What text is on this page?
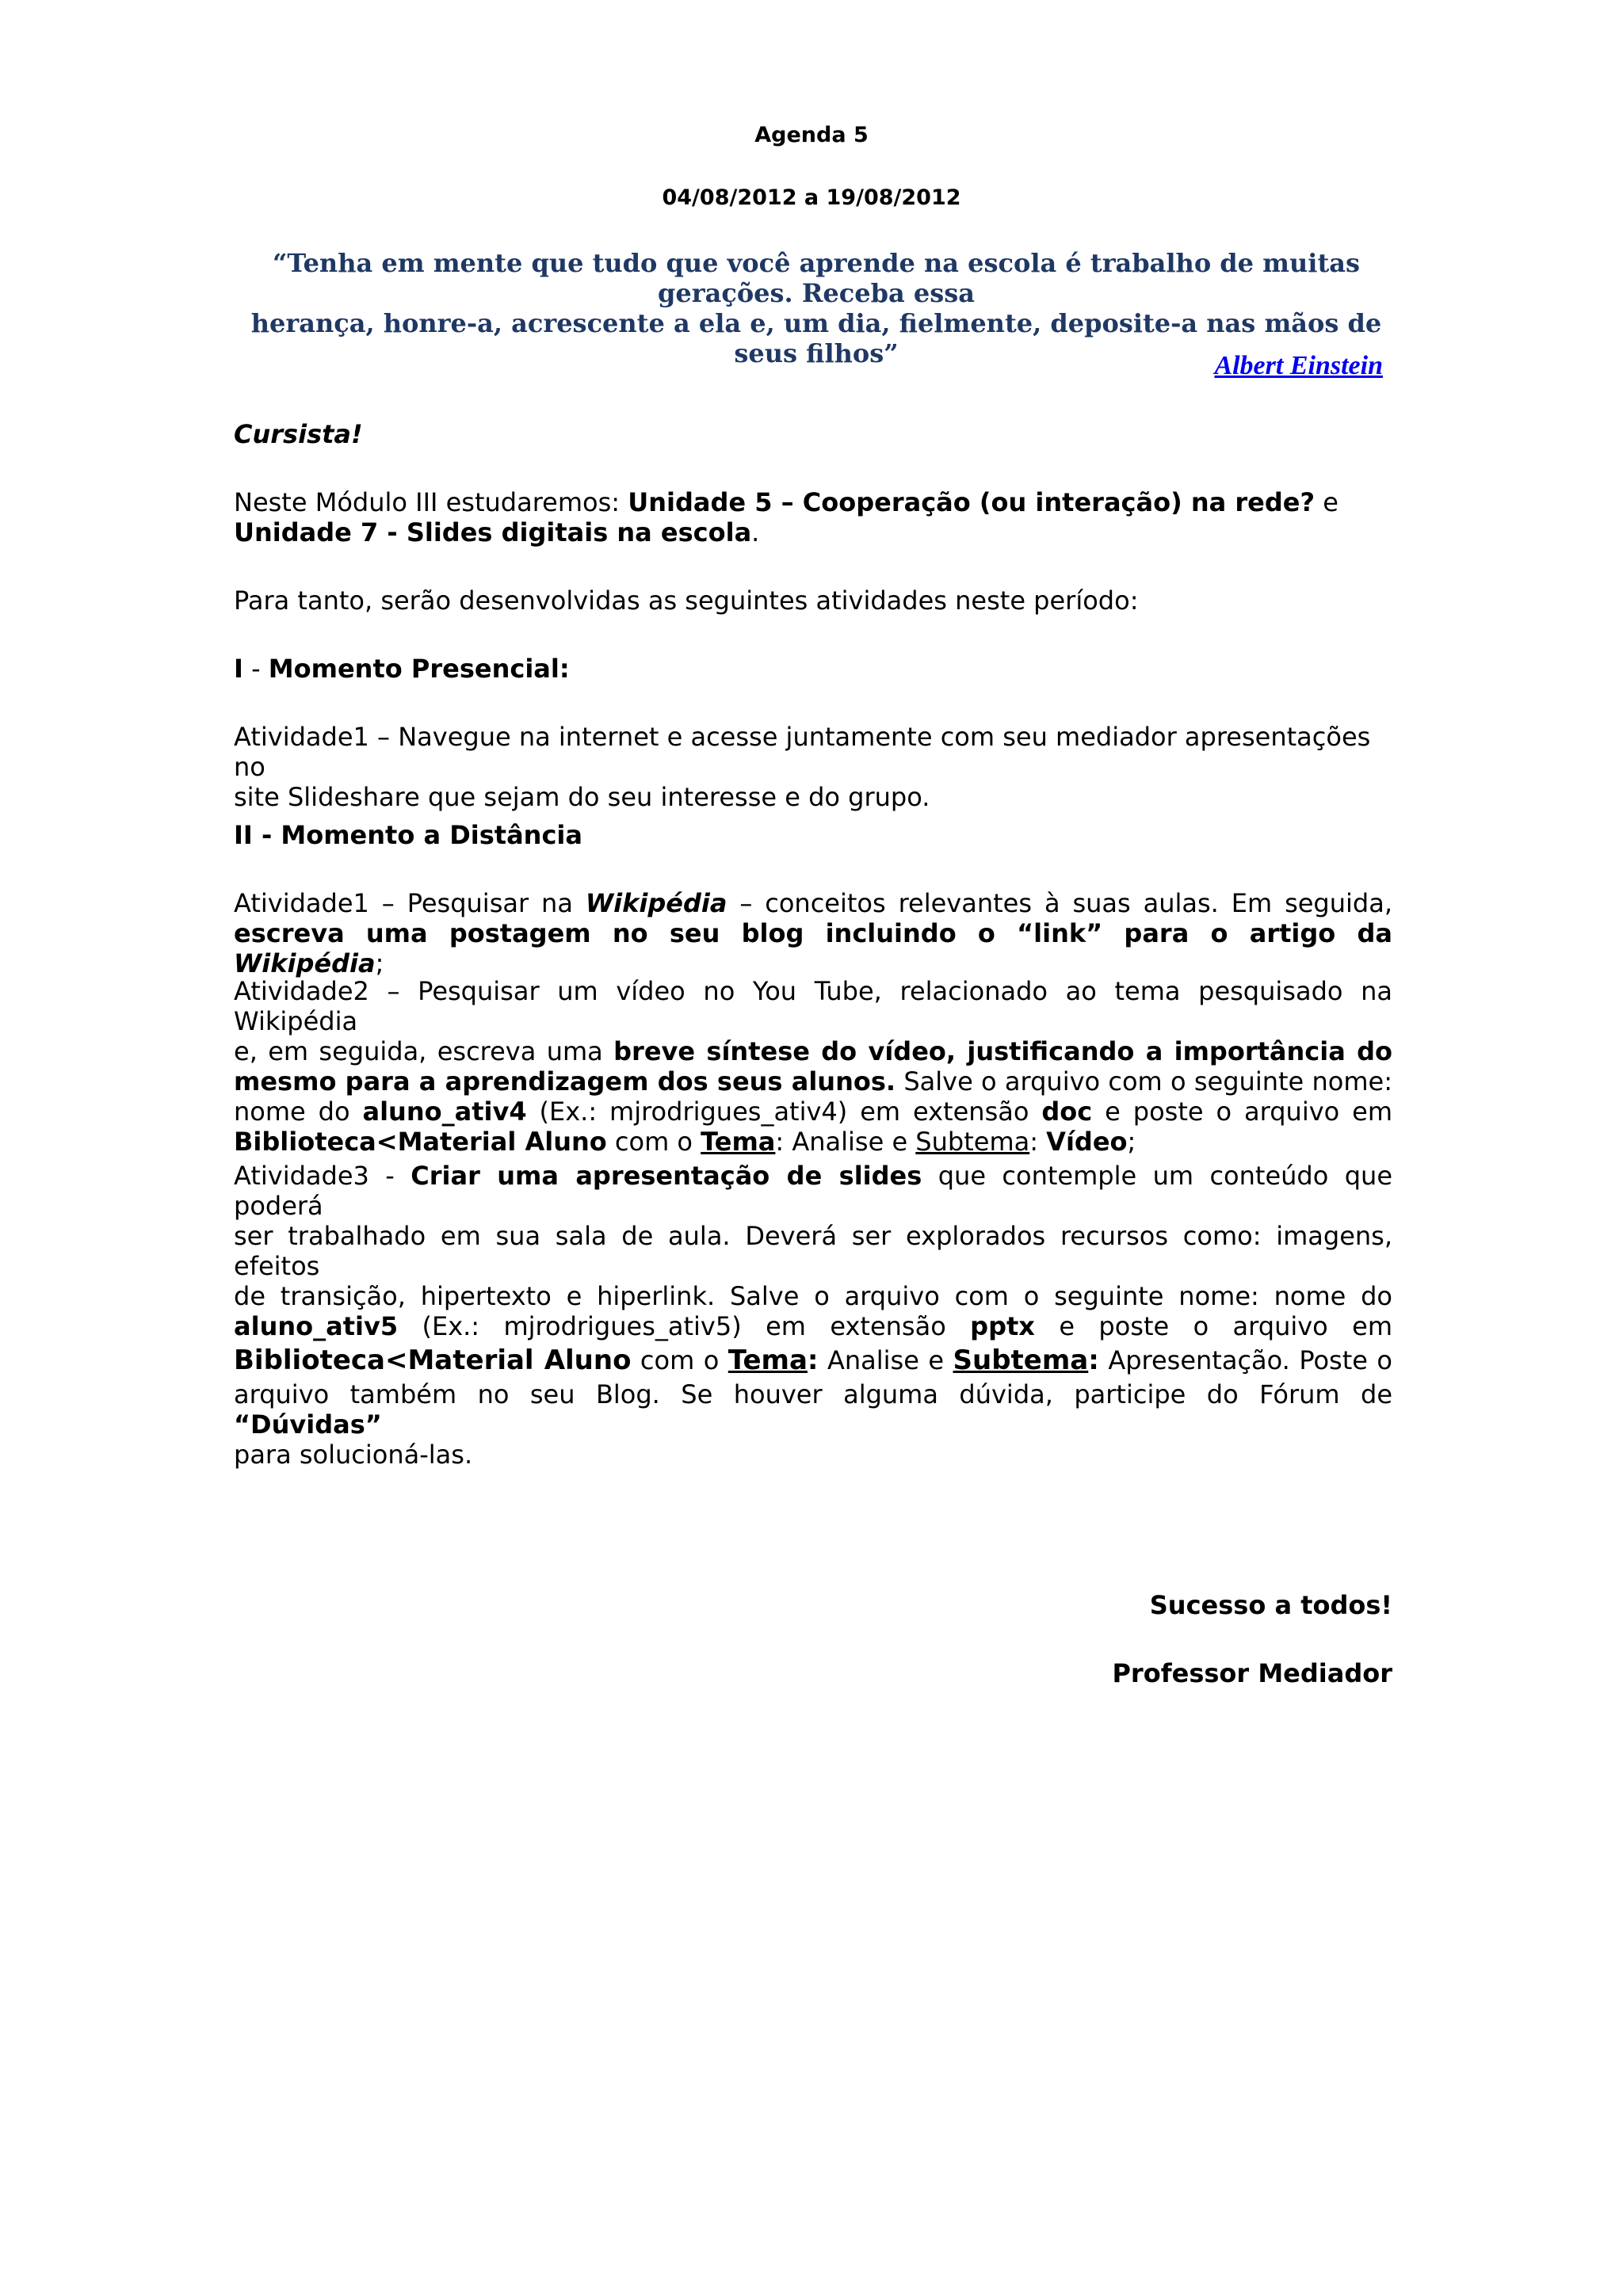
Agenda 5
04/08/2012 a 19/08/2012
“Tenha em mente que tudo que você aprende na escola é trabalho de muitas gerações. Receba essa
herança, honre-a, acrescente a ela e, um dia, fielmente, deposite-a nas mãos de seus filhos”	Albert Einstein
Cursista!
Neste Módulo III estudaremos: Unidade 5 – Cooperação (ou interação) na rede? e
Unidade 7 - Slides digitais na escola.
Para tanto, serão desenvolvidas as seguintes atividades neste período:
I - Momento Presencial:
Atividade1 – Navegue na internet e acesse juntamente com seu mediador apresentações no
site Slideshare que sejam do seu interesse e do grupo.
II - Momento a Distância
Atividade1 – Pesquisar na Wikipédia – conceitos relevantes à suas aulas. Em seguida,
escreva uma postagem no seu blog incluindo o “link” para o artigo da Wikipédia;
Atividade2 – Pesquisar um vídeo no You Tube, relacionado ao tema pesquisado na Wikipédia
e, em seguida, escreva uma breve síntese do vídeo, justificando a importância do
mesmo para a aprendizagem dos seus alunos. Salve o arquivo com o seguinte nome:
nome do aluno_ativ4 (Ex.: mjrodrigues_ativ4) em extensão doc e poste o arquivo em
Biblioteca<Material Aluno com o Tema: Analise e Subtema: Vídeo;
Atividade3 - Criar uma apresentação de slides que contemple um conteúdo que poderá
ser trabalhado em sua sala de aula. Deverá ser explorados recursos como: imagens, efeitos
de transição, hipertexto e hiperlink. Salve o arquivo com o seguinte nome: nome do
aluno_ativ5 (Ex.: mjrodrigues_ativ5) em extensão pptx e poste o arquivo em
Biblioteca<Material Aluno com o Tema: Analise e Subtema: Apresentação. Poste o
arquivo também no seu Blog. Se houver alguma dúvida, participe do Fórum de “Dúvidas”
para solucioná-las.
Sucesso a todos!
Professor Mediador
